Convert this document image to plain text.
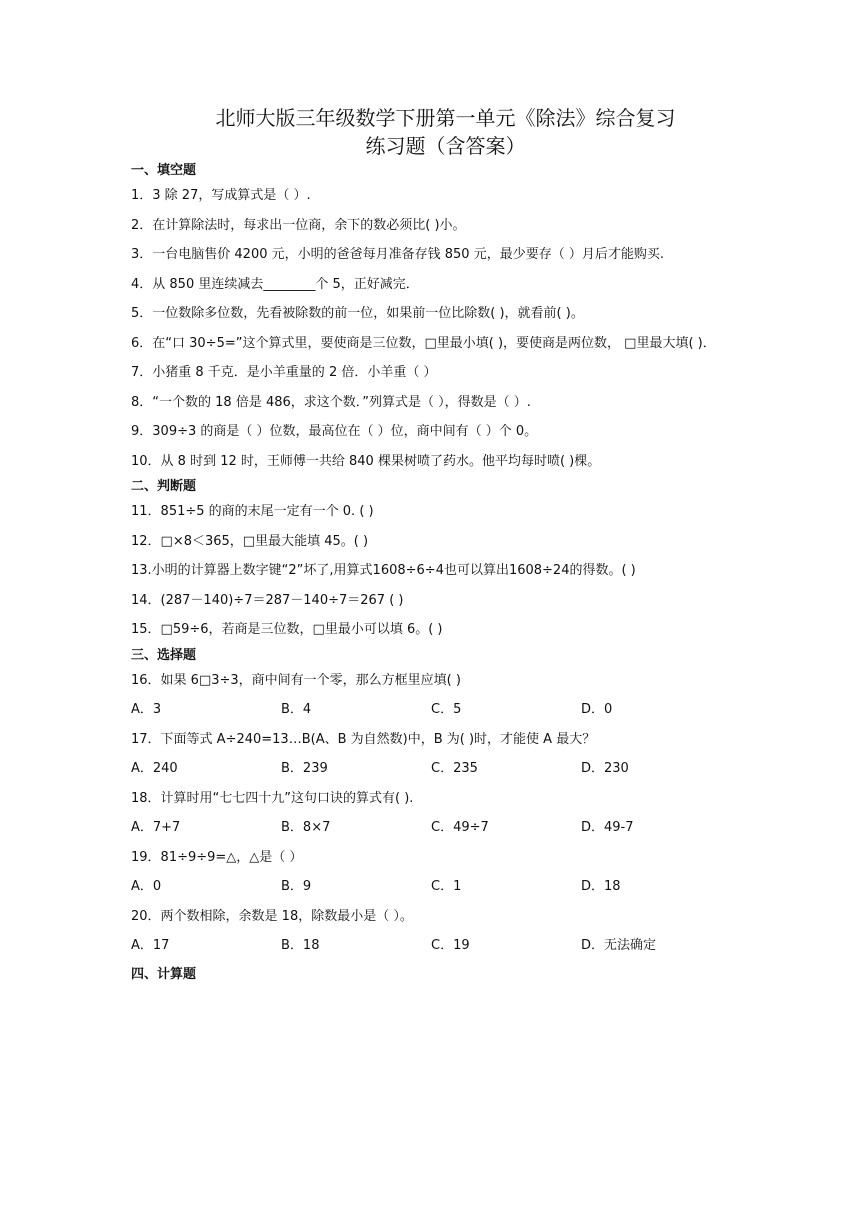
北师大版三年级数学下册第一单元《除法》综合复习
练习题（含答案）
一、填空题

1．3 除 27，写成算式是（ ）.

2．在计算除法时，每求出一位商，余下的数必须比( )小。

3．一台电脑售价 4200 元，小明的爸爸每月准备存钱 850 元，最少要存（ ）月后才能购买.

4．从 850 里连续减去________个 5，正好减完．

5．一位数除多位数，先看被除数的前一位，如果前一位比除数( )，就看前( )。

6．在“口 30÷5=”这个算式里，要使商是三位数，□里最小填( )，要使商是两位数， □里最大填( )．

7．小猪重 8 千克．是小羊重量的 2 倍．小羊重（ ）

8．“一个数的 18 倍是 486，求这个数．”列算式是（ ），得数是（ ）.

9．309÷3 的商是（ ）位数，最高位在（ ）位，商中间有（ ）个 0。

10．从 8 时到 12 时，王师傅一共给 840 棵果树喷了药水。他平均每时喷( )棵。

二、判断题

11．851÷5 的商的末尾一定有一个 0. ( )

12．□×8＜365，□里最大能填 45。( )

13.小明的计算器上数字键“2”坏了,用算式1608÷6÷4也可以算出1608÷24的得数。( )

14．(287－140)÷7＝287－140÷7＝267 ( )

15．□59÷6，若商是三位数，□里最小可以填 6。( )

三、选择题

16．如果 6□3÷3，商中间有一个零，那么方框里应填( )

A．3	B．4	C．5	D．0

17．下面等式 A÷240=13…B(A、B 为自然数)中，B 为( )时，才能使 A 最大？

A．240	B．239	C．235	D．230

18．计算时用“七七四十九”这句口诀的算式有( ).

A．7+7	B．8×7	C．49÷7	D．49-7

19．81÷9÷9=△，△是（ ）

A．0	B．9	C．1	D．18

20．两个数相除，余数是 18，除数最小是（ ）。

A．17	B．18	C．19	D．无法确定
四、计算题
